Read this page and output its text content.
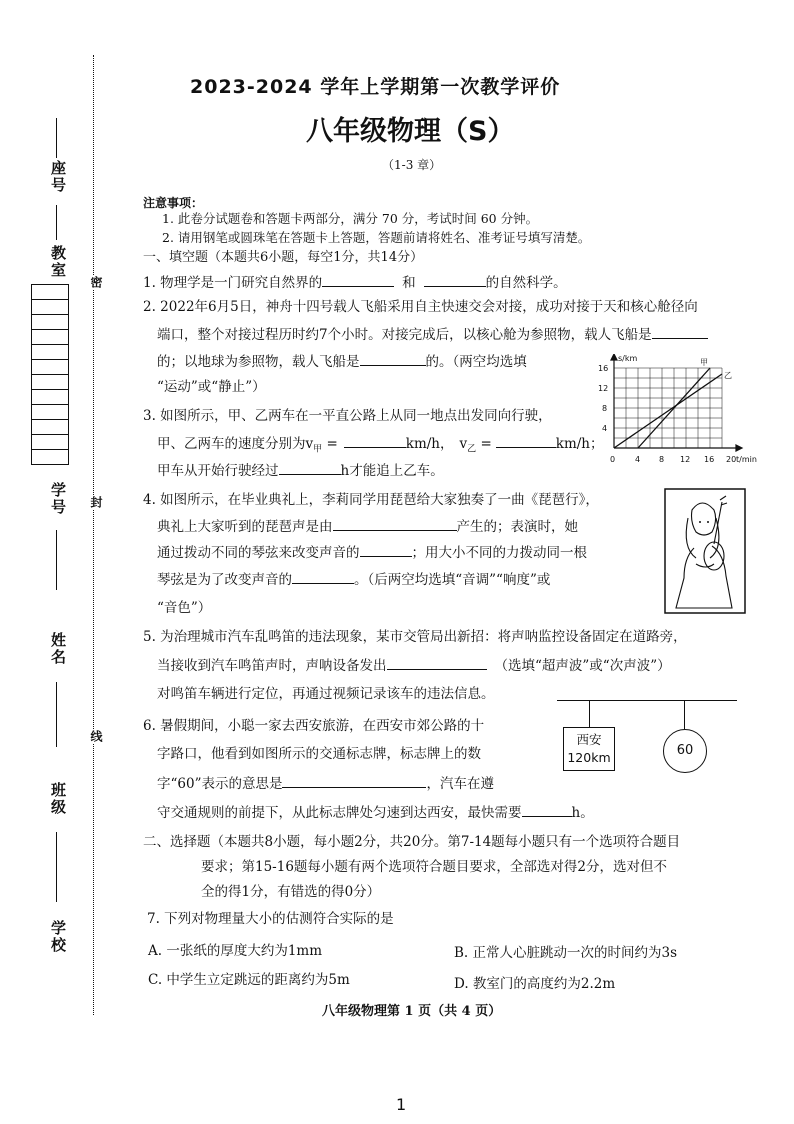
座号
教室
密
封
线
学号
姓名
班级
学校
2023-2024 学年上学期第一次教学评价
八年级物理（S）
（1-3 章）
注意事项：
1. 此卷分试题卷和答题卡两部分，满分 70 分，考试时间 60 分钟。
2. 请用钢笔或圆珠笔在答题卡上答题，答题前请将姓名、准考证号填写清楚。
一、填空题（本题共6小题，每空1分，共14分）
1. 物理学是一门研究自然界的	和	的自然科学。
2. 2022年6月5日，神舟十四号载人飞船采用自主快速交会对接，成功对接于天和核心舱径向
端口，整个对接过程历时约7个小时。对接完成后，以核心舱为参照物，载人飞船是
的；以地球为参照物，载人飞船是	的。（两空均选填
“运动”或“静止”）
3. 如图所示，甲、乙两车在一平直公路上从同一地点出发同向行驶，
甲、乙两车的速度分别为$v_甲$ =	km/h， $v_乙$ =	km/h；
甲车从开始行驶经过	h才能追上乙车。
s/km
t/min
甲
乙
4
8
12
16
0 4 8 12 16 20
4. 如图所示，在毕业典礼上，李莉同学用琵琶给大家独奏了一曲《琵琶行》，
典礼上大家听到的琵琶声是由	产生的；表演时，她
通过拨动不同的琴弦来改变声音的	；用大小不同的力拨动同一根
琴弦是为了改变声音的	。（后两空均选填“音调”“响度”或
“音色”）
5. 为治理城市汽车乱鸣笛的违法现象，某市交管局出新招：将声呐监控设备固定在道路旁，
当接收到汽车鸣笛声时，声呐设备发出	（选填“超声波”或“次声波”）
对鸣笛车辆进行定位，再通过视频记录该车的违法信息。
6. 暑假期间，小聪一家去西安旅游，在西安市郊公路的十
字路口，他看到如图所示的交通标志牌，标志牌上的数
字“60”表示的意思是	，汽车在遵
守交通规则的前提下，从此标志牌处匀速到达西安，最快需要	h。
西安
120km	60
二、选择题（本题共8小题，每小题2分，共20分。第7-14题每小题只有一个选项符合题目
要求；第15-16题每小题有两个选项符合题目要求，全部选对得2分，选对但不
全的得1分，有错选的得0分）
7. 下列对物理量大小的估测符合实际的是
A. 一张纸的厚度大约为1mm	B. 正常人心脏跳动一次的时间约为3s
C. 中学生立定跳远的距离约为5m	D. 教室门的高度约为2.2m
八年级物理第 1 页（共 4 页）
1
